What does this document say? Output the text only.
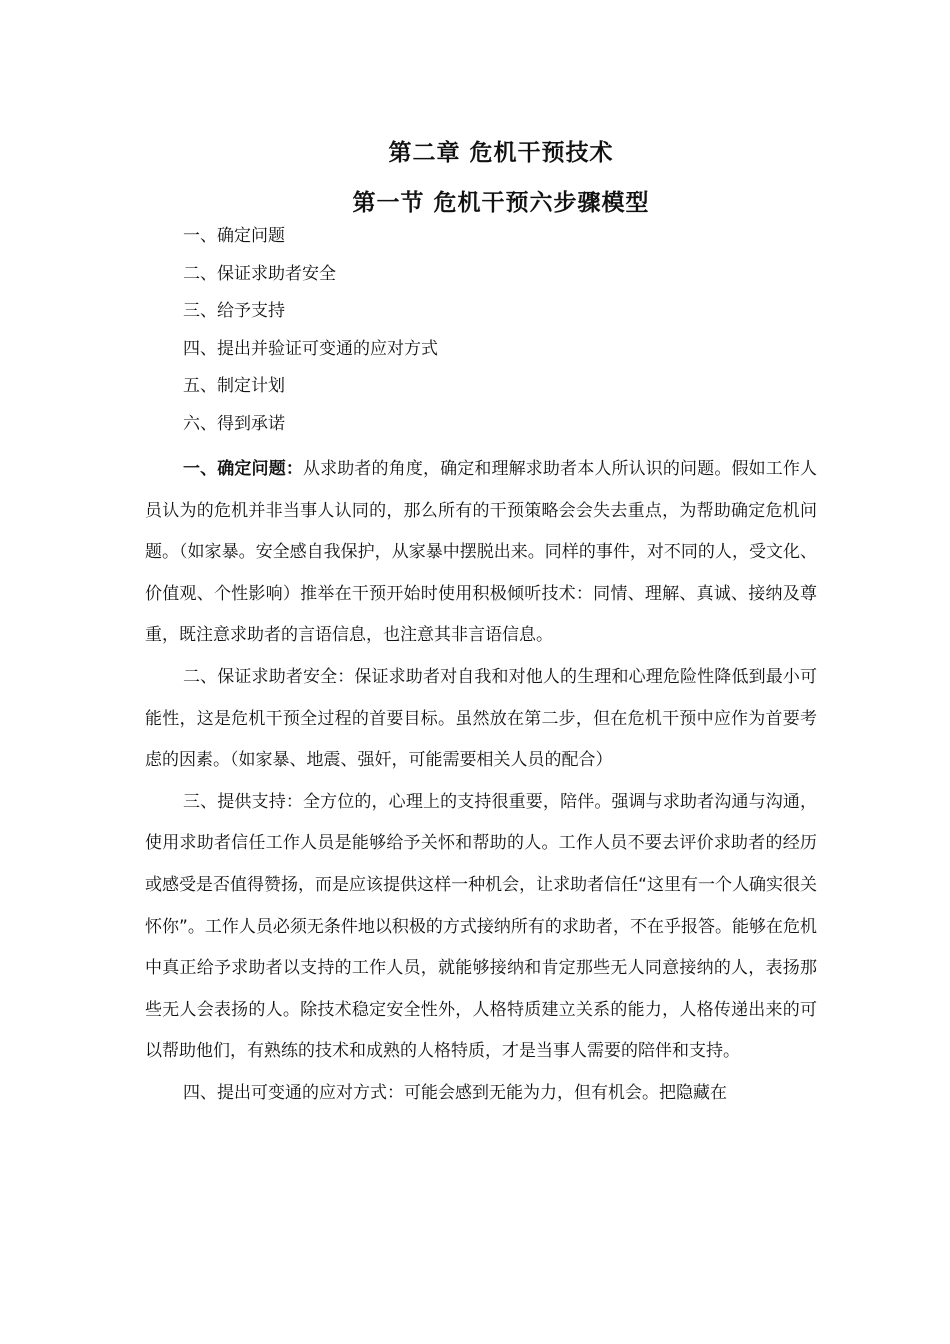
第二章 危机干预技术
第一节 危机干预六步骤模型
一、确定问题
二、保证求助者安全
三、给予支持
四、提出并验证可变通的应对方式
五、制定计划
六、得到承诺

一、确定问题：从求助者的角度，确定和理解求助者本人所认识的问题。假如工作人员认为的危机并非当事人认同的，那么所有的干预策略会会失去重点，为帮助确定危机问题。（如家暴。安全感自我保护，从家暴中摆脱出来。同样的事件，对不同的人，受文化、价值观、个性影响）推举在干预开始时使用积极倾听技术：同情、理解、真诚、接纳及尊重，既注意求助者的言语信息，也注意其非言语信息。

二、保证求助者安全：保证求助者对自我和对他人的生理和心理危险性降低到最小可能性，这是危机干预全过程的首要目标。虽然放在第二步，但在危机干预中应作为首要考虑的因素。（如家暴、地震、强奸，可能需要相关人员的配合）

三、提供支持：全方位的，心理上的支持很重要，陪伴。强调与求助者沟通与沟通，使用求助者信任工作人员是能够给予关怀和帮助的人。工作人员不要去评价求助者的经历或感受是否值得赞扬，而是应该提供这样一种机会，让求助者信任“这里有一个人确实很关怀你”。工作人员必须无条件地以积极的方式接纳所有的求助者，不在乎报答。能够在危机中真正给予求助者以支持的工作人员，就能够接纳和肯定那些无人同意接纳的人，表扬那些无人会表扬的人。除技术稳定安全性外，人格特质建立关系的能力，人格传递出来的可以帮助他们，有熟练的技术和成熟的人格特质，才是当事人需要的陪伴和支持。

四、提出可变通的应对方式：可能会感到无能为力，但有机会。把隐藏在
